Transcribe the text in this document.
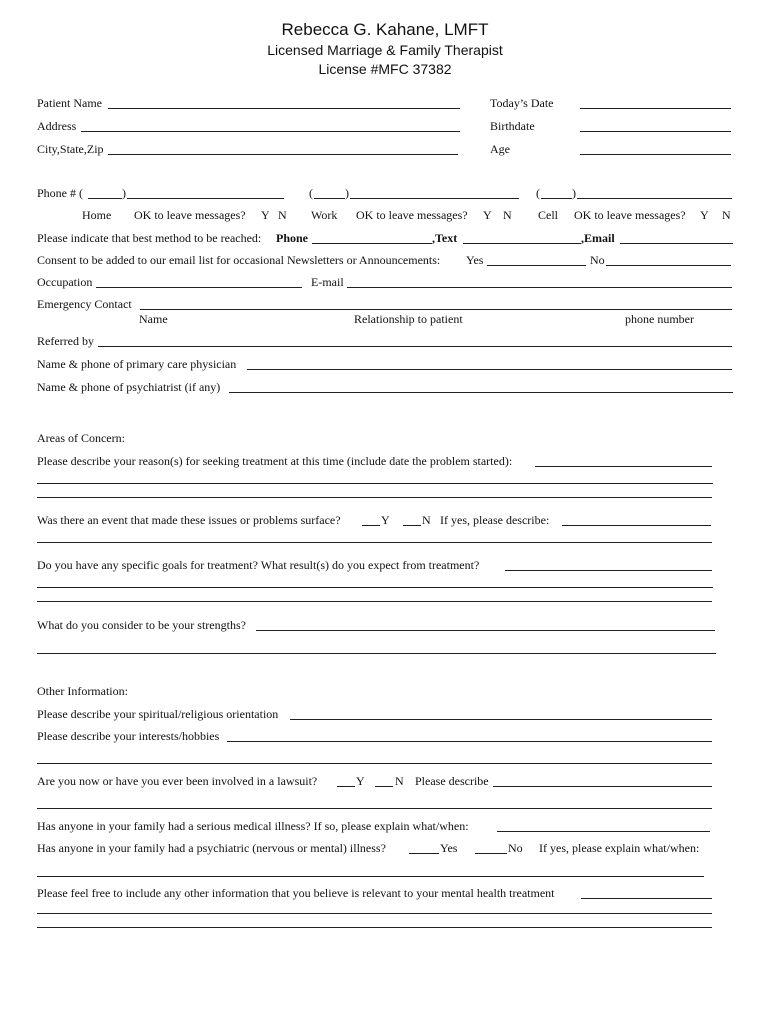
Rebecca G. Kahane, LMFT
Licensed Marriage & Family Therapist
License #MFC 37382
Patient Name	Today’s Date
Address	Birthdate
City,State,Zip	Age
Phone # (	)	(	)	(	)
Home OK to leave messages? Y N Work OK to leave messages? Y N Cell OK to leave messages? Y N
Please indicate that best method to be reached: Phone	,Text	,Email
Consent to be added to our email list for occasional Newsletters or Announcements: Yes	No
Occupation	E-mail
Emergency Contact
Name	Relationship to patient	phone number
Referred by
Name & phone of primary care physician
Name & phone of psychiatrist (if any)
Areas of Concern:
Please describe your reason(s) for seeking treatment at this time (include date the problem started):
Was there an event that made these issues or problems surface?	Y	N If yes, please describe:
Do you have any specific goals for treatment? What result(s) do you expect from treatment?
What do you consider to be your strengths?
Other Information:
Please describe your spiritual/religious orientation
Please describe your interests/hobbies
Are you now or have you ever been involved in a lawsuit?	Y	N Please describe
Has anyone in your family had a serious medical illness? If so, please explain what/when:
Has anyone in your family had a psychiatric (nervous or mental) illness?	Yes	No If yes, please explain what/when:
Please feel free to include any other information that you believe is relevant to your mental health treatment
